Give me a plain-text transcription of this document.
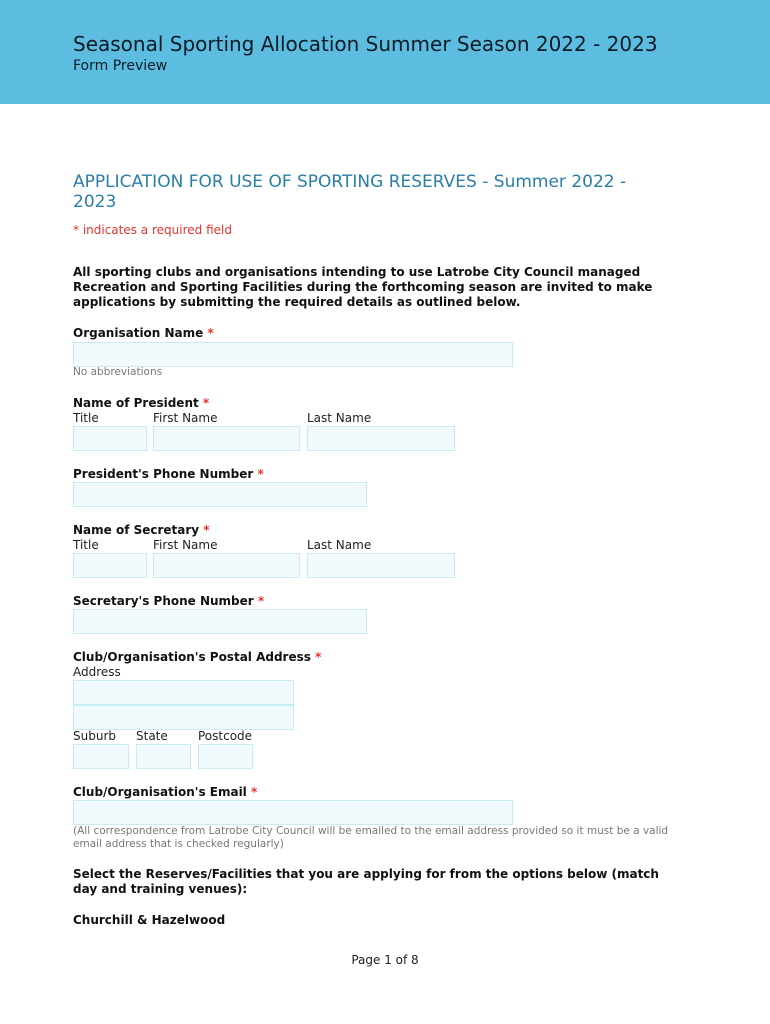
Seasonal Sporting Allocation Summer Season 2022 - 2023
Form Preview
APPLICATION FOR USE OF SPORTING RESERVES - Summer 2022 - 2023
* indicates a required field
All sporting clubs and organisations intending to use Latrobe City Council managed Recreation and Sporting Facilities during the forthcoming season are invited to make applications by submitting the required details as outlined below.
Organisation Name *
No abbreviations
Name of President *
Title	First Name	Last Name
President's Phone Number *
Name of Secretary *
Title	First Name	Last Name
Secretary's Phone Number *
Club/Organisation's Postal Address *
Address
Suburb State	Postcode
Club/Organisation's Email *
(All correspondence from Latrobe City Council will be emailed to the email address provided so it must be a valid email address that is checked regularly)
Select the Reserves/Facilities that you are applying for from the options below (match day and training venues):
Churchill & Hazelwood
Page 1 of 8
